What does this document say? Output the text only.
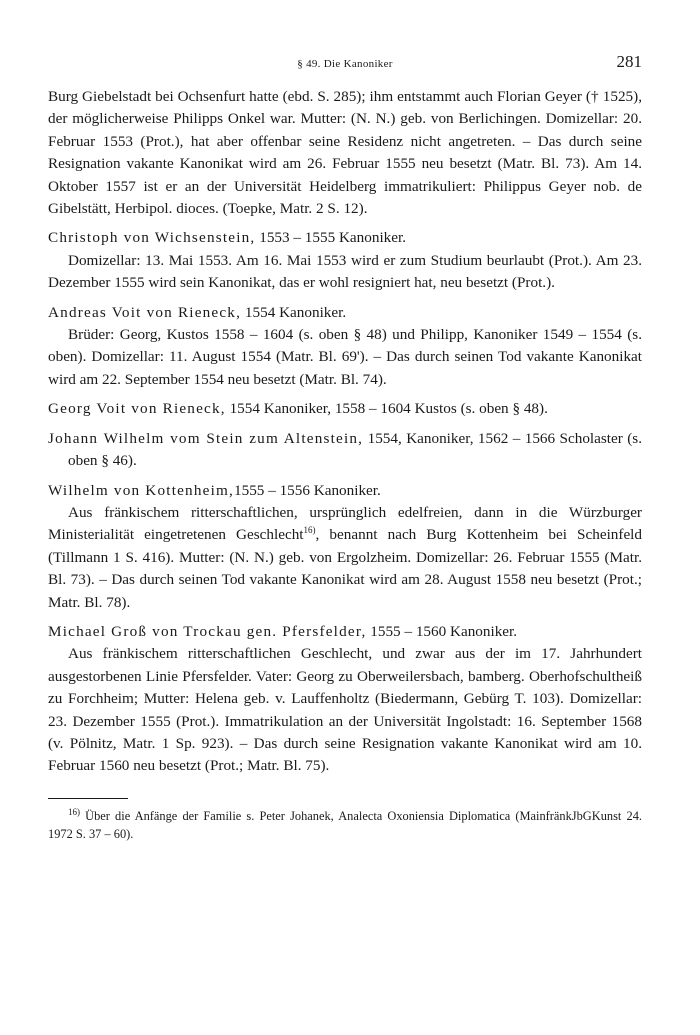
§ 49. Die Kanoniker	281

Burg Giebelstadt bei Ochsenfurt hatte (ebd. S. 285); ihm entstammt auch Florian Geyer († 1525), der möglicherweise Philipps Onkel war. Mutter: (N. N.) geb. von Berlichingen. Domizellar: 20. Februar 1553 (Prot.), hat aber offenbar seine Residenz nicht angetreten. – Das durch seine Resignation vakante Kanonikat wird am 26. Februar 1555 neu besetzt (Matr. Bl. 73). Am 14. Oktober 1557 ist er an der Universität Heidelberg immatrikuliert: Philippus Geyer nob. de Gibelstätt, Herbipol. dioces. (Toepke, Matr. 2 S. 12).

Christoph von Wichsenstein, 1553 – 1555 Kanoniker.

Domizellar: 13. Mai 1553. Am 16. Mai 1553 wird er zum Studium beurlaubt (Prot.). Am 23. Dezember 1555 wird sein Kanonikat, das er wohl resigniert hat, neu besetzt (Prot.).

Andreas Voit von Rieneck, 1554 Kanoniker.

Brüder: Georg, Kustos 1558 – 1604 (s. oben § 48) und Philipp, Kanoniker 1549 – 1554 (s. oben). Domizellar: 11. August 1554 (Matr. Bl. 69'). – Das durch seinen Tod vakante Kanonikat wird am 22. September 1554 neu besetzt (Matr. Bl. 74).

Georg Voit von Rieneck, 1554 Kanoniker, 1558 – 1604 Kustos (s. oben § 48).

Johann Wilhelm vom Stein zum Altenstein, 1554, Kanoniker, 1562 – 1566 Scholaster (s. oben § 46).

Wilhelm von Kottenheim,1555 – 1556 Kanoniker.

Aus fränkischem ritterschaftlichen, ursprünglich edelfreien, dann in die Würzburger Ministerialität eingetretenen Geschlecht$^{16)}$, benannt nach Burg Kottenheim bei Scheinfeld (Tillmann 1 S. 416). Mutter: (N. N.) geb. von Ergolzheim. Domizellar: 26. Februar 1555 (Matr. Bl. 73). – Das durch seinen Tod vakante Kanonikat wird am 28. August 1558 neu besetzt (Prot.; Matr. Bl. 78).

Michael Groß von Trockau gen. Pfersfelder, 1555 – 1560 Kanoniker.

Aus fränkischem ritterschaftlichen Geschlecht, und zwar aus der im 17. Jahrhundert ausgestorbenen Linie Pfersfelder. Vater: Georg zu Oberweilersbach, bamberg. Oberhofschultheiß zu Forchheim; Mutter: Helena geb. v. Lauffenholtz (Biedermann, Gebürg T. 103). Domizellar: 23. Dezember 1555 (Prot.). Immatrikulation an der Universität Ingolstadt: 16. September 1568 (v. Pölnitz, Matr. 1 Sp. 923). – Das durch seine Resignation vakante Kanonikat wird am 10. Februar 1560 neu besetzt (Prot.; Matr. Bl. 75).

$^{16)}$ Über die Anfänge der Familie s. Peter Johanek, Analecta Oxoniensia Diplomatica (MainfränkJbGKunst 24. 1972 S. 37 – 60).
